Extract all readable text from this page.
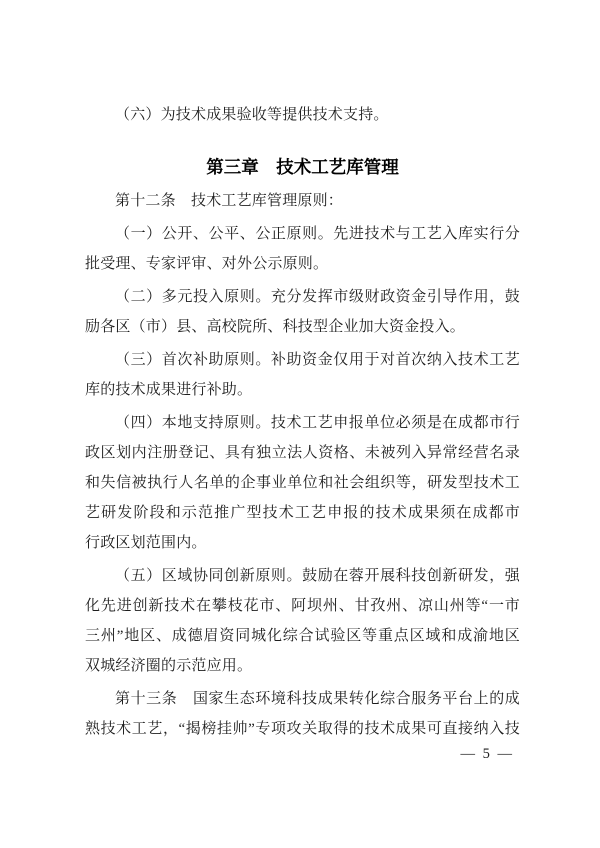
（六）为技术成果验收等提供技术支持。
第三章　技术工艺库管理
第十二条　技术工艺库管理原则：
（一）公开、公平、公正原则。先进技术与工艺入库实行分
批受理、专家评审、对外公示原则。
（二）多元投入原则。充分发挥市级财政资金引导作用，鼓
励各区（市）县、高校院所、科技型企业加大资金投入。
（三）首次补助原则。补助资金仅用于对首次纳入技术工艺
库的技术成果进行补助。
（四）本地支持原则。技术工艺申报单位必须是在成都市行
政区划内注册登记、具有独立法人资格、未被列入异常经营名录
和失信被执行人名单的企事业单位和社会组织等，研发型技术工
艺研发阶段和示范推广型技术工艺申报的技术成果须在成都市
行政区划范围内。
（五）区域协同创新原则。鼓励在蓉开展科技创新研发，强
化先进创新技术在攀枝花市、阿坝州、甘孜州、凉山州等“一市
三州”地区、成德眉资同城化综合试验区等重点区域和成渝地区
双城经济圈的示范应用。
第十三条　国家生态环境科技成果转化综合服务平台上的成
熟技术工艺，“揭榜挂帅”专项攻关取得的技术成果可直接纳入技
— 5 —
